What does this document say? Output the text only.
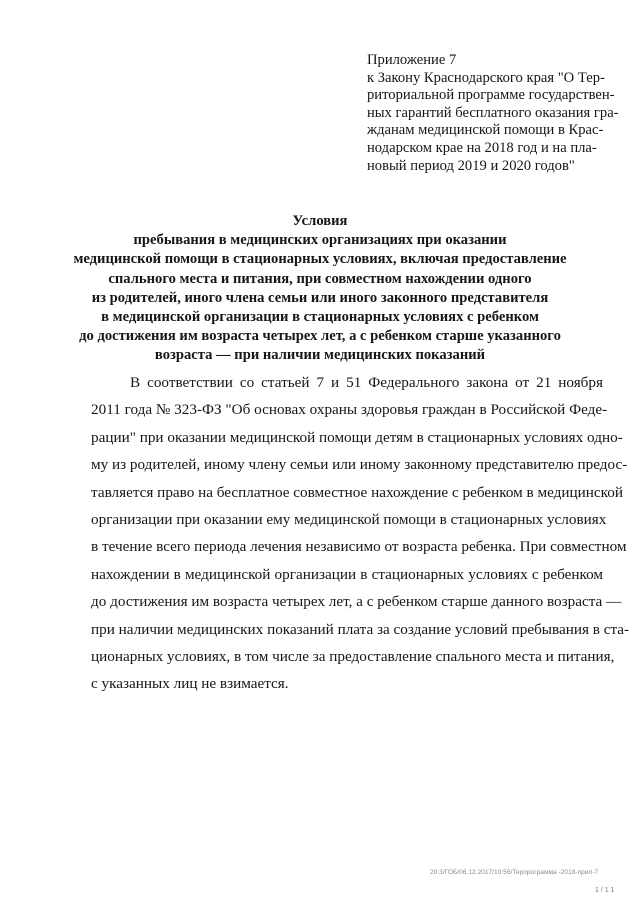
Приложение 7
к Закону Краснодарского края "О Тер-
риториальной программе государствен-
ных гарантий бесплатного оказания гра-
жданам медицинской помощи в Крас-
нодарском крае на 2018 год и на пла-
новый период 2019 и 2020 годов"
Условия
пребывания в медицинских организациях при оказании
медицинской помощи в стационарных условиях, включая предоставление
спального места и питания, при совместном нахождении одного
из родителей, иного члена семьи или иного законного представителя
в медицинской организации в стационарных условиях с ребенком
до достижения им возраста четырех лет, а с ребенком старше указанного
возраста — при наличии медицинских показаний
В соответствии со статьей 7 и 51 Федерального закона от 21 ноября
2011 года № 323-ФЗ "Об основах охраны здоровья граждан в Российской Феде-
рации" при оказании медицинской помощи детям в стационарных условиях одно-
му из родителей, иному члену семьи или иному законному представителю предос-
тавляется право на бесплатное совместное нахождение с ребенком в медицинской
организации при оказании ему медицинской помощи в стационарных условиях
в течение всего периода лечения независимо от возраста ребенка. При совместном
нахождении в медицинской организации в стационарных условиях с ребенком
до достижения им возраста четырех лет, а с ребенком старше данного возраста —
при наличии медицинских показаний плата за создание условий пребывания в ста-
ционарных условиях, в том числе за предоставление спального места и питания,
с указанных лиц не взимается.
20.3/ГОБ/06.12.2017/10:56/Терпрограмма -2018-прил-7
1 / 1 1
